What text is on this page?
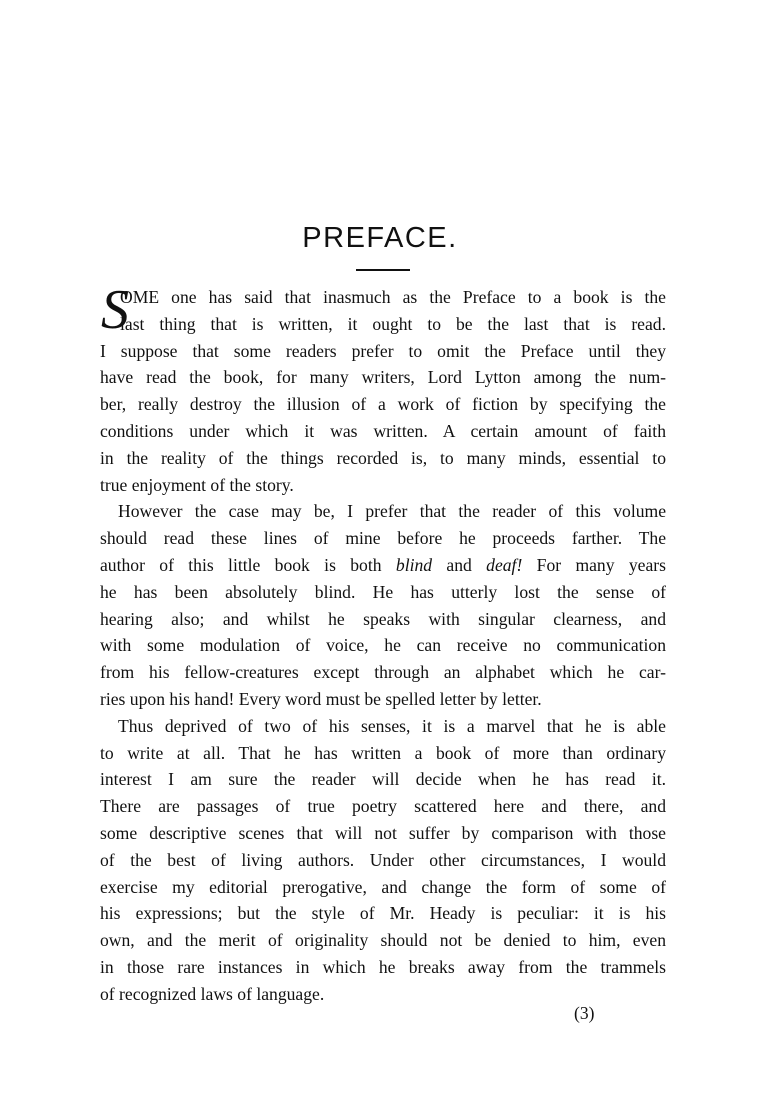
PREFACE.
S
OME one has said that inasmuch as the Preface to a book is the
last thing that is written, it ought to be the last that is read.
I suppose that some readers prefer to omit the Preface until they
have read the book, for many writers, Lord Lytton among the num-
ber, really destroy the illusion of a work of fiction by specifying the
conditions under which it was written. A certain amount of faith
in the reality of the things recorded is, to many minds, essential to
true enjoyment of the story.
However the case may be, I prefer that the reader of this volume
should read these lines of mine before he proceeds farther. The
author of this little book is both blind and deaf! For many years
he has been absolutely blind. He has utterly lost the sense of
hearing also; and whilst he speaks with singular clearness, and
with some modulation of voice, he can receive no communication
from his fellow-creatures except through an alphabet which he car-
ries upon his hand! Every word must be spelled letter by letter.
Thus deprived of two of his senses, it is a marvel that he is able
to write at all. That he has written a book of more than ordinary
interest I am sure the reader will decide when he has read it.
There are passages of true poetry scattered here and there, and
some descriptive scenes that will not suffer by comparison with those
of the best of living authors. Under other circumstances, I would
exercise my editorial prerogative, and change the form of some of
his expressions; but the style of Mr. Heady is peculiar: it is his
own, and the merit of originality should not be denied to him, even
in those rare instances in which he breaks away from the trammels
of recognized laws of language.
(3)
